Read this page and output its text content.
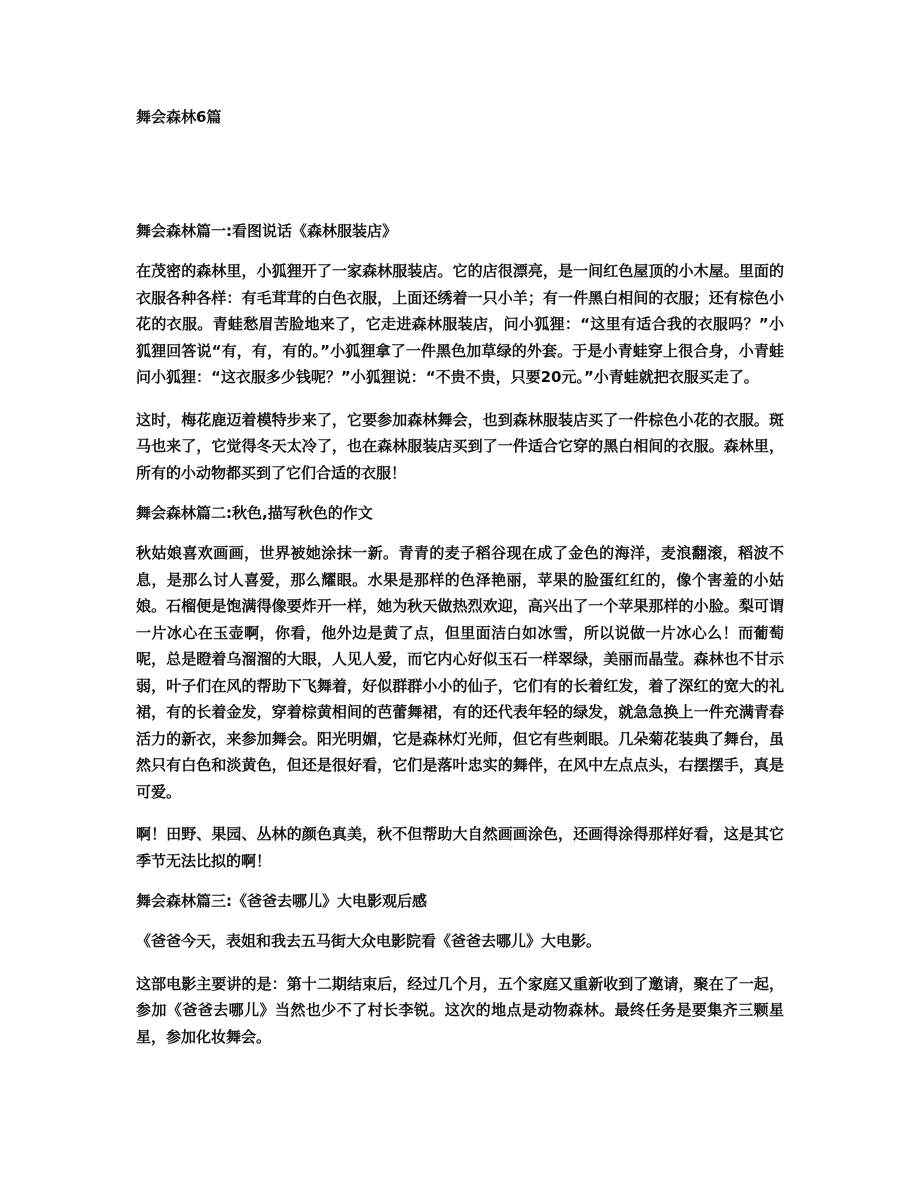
舞会森林6篇
舞会森林篇一:看图说话《森林服装店》

在茂密的森林里，小狐狸开了一家森林服装店。它的店很漂亮，是一间红色屋顶的小木屋。里面的衣服各种各样：有毛茸茸的白色衣服，上面还绣着一只小羊；有一件黑白相间的衣服；还有棕色小花的衣服。青蛙愁眉苦脸地来了，它走进森林服装店，问小狐狸：“这里有适合我的衣服吗？”小狐狸回答说“有，有，有的。”小狐狸拿了一件黑色加草绿的外套。于是小青蛙穿上很合身，小青蛙问小狐狸：“这衣服多少钱呢？”小狐狸说：“不贵不贵，只要20元。”小青蛙就把衣服买走了。

这时，梅花鹿迈着模特步来了，它要参加森林舞会，也到森林服装店买了一件棕色小花的衣服。斑马也来了，它觉得冬天太冷了，也在森林服装店买到了一件适合它穿的黑白相间的衣服。森林里，所有的小动物都买到了它们合适的衣服！

舞会森林篇二:秋色,描写秋色的作文

秋姑娘喜欢画画，世界被她涂抹一新。青青的麦子稻谷现在成了金色的海洋，麦浪翻滚，稻波不息，是那么讨人喜爱，那么耀眼。水果是那样的色泽艳丽，苹果的脸蛋红红的，像个害羞的小姑娘。石榴便是饱满得像要炸开一样，她为秋天做热烈欢迎，高兴出了一个苹果那样的小脸。梨可谓一片冰心在玉壶啊，你看，他外边是黄了点，但里面洁白如冰雪，所以说做一片冰心么！而葡萄呢，总是瞪着乌溜溜的大眼，人见人爱，而它内心好似玉石一样翠绿，美丽而晶莹。森林也不甘示弱，叶子们在风的帮助下飞舞着，好似群群小小的仙子，它们有的长着红发，着了深红的宽大的礼裙，有的长着金发，穿着棕黄相间的芭蕾舞裙，有的还代表年轻的绿发，就急急换上一件充满青春活力的新衣，来参加舞会。阳光明媚，它是森林灯光师，但它有些刺眼。几朵菊花装典了舞台，虽然只有白色和淡黄色，但还是很好看，它们是落叶忠实的舞伴，在风中左点点头，右摆摆手，真是可爱。

啊！田野、果园、丛林的颜色真美，秋不但帮助大自然画画涂色，还画得涂得那样好看，这是其它季节无法比拟的啊！

舞会森林篇三:《爸爸去哪儿》大电影观后感

《爸爸今天，表姐和我去五马街大众电影院看《爸爸去哪儿》大电影。

这部电影主要讲的是：第十二期结束后，经过几个月，五个家庭又重新收到了邀请，聚在了一起，参加《爸爸去哪儿》当然也少不了村长李锐。这次的地点是动物森林。最终任务是要集齐三颗星星，参加化妆舞会。
